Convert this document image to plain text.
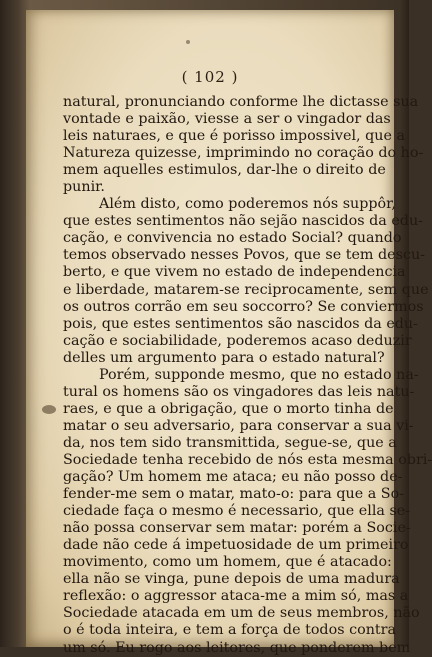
( 102 )
natural, pronunciando conforme lhe dictasse sua
vontade e paixão, viesse a ser o vingador das
leis naturaes, e que é porisso impossivel, que a
Natureza quizesse, imprimindo no coração do ho-
mem aquelles estimulos, dar-lhe o direito de
punir.
Além disto, como poderemos nós suppôr,
que estes sentimentos não sejão nascidos da edu-
cação, e convivencia no estado Social? quando
temos observado nesses Povos, que se tem descu-
berto, e que vivem no estado de independencia
e liberdade, matarem-se reciprocamente, sem que
os outros corrão em seu soccorro? Se conviermos
pois, que estes sentimentos são nascidos da edu-
cação e sociabilidade, poderemos acaso deduzir
delles um argumento para o estado natural?
Porém, supponde mesmo, que no estado na-
tural os homens são os vingadores das leis natu-
raes, e que a obrigação, que o morto tinha de
matar o seu adversario, para conservar a sua vi-
da, nos tem sido transmittida, segue-se, que a
Sociedade tenha recebido de nós esta mesma obri-
gação? Um homem me ataca; eu não posso de-
fender-me sem o matar, mato-o: para que a So-
ciedade faça o mesmo é necessario, que ella se-
não possa conservar sem matar: porém a Socie-
dade não cede á impetuosidade de um primeiro
movimento, como um homem, que é atacado:
ella não se vinga, pune depois de uma madura
reflexão: o aggressor ataca-me a mim só, mas a
Sociedade atacada em um de seus membros, não
o é toda inteira, e tem a força de todos contra
um só. Eu rogo aos leitores, que ponderem bem
